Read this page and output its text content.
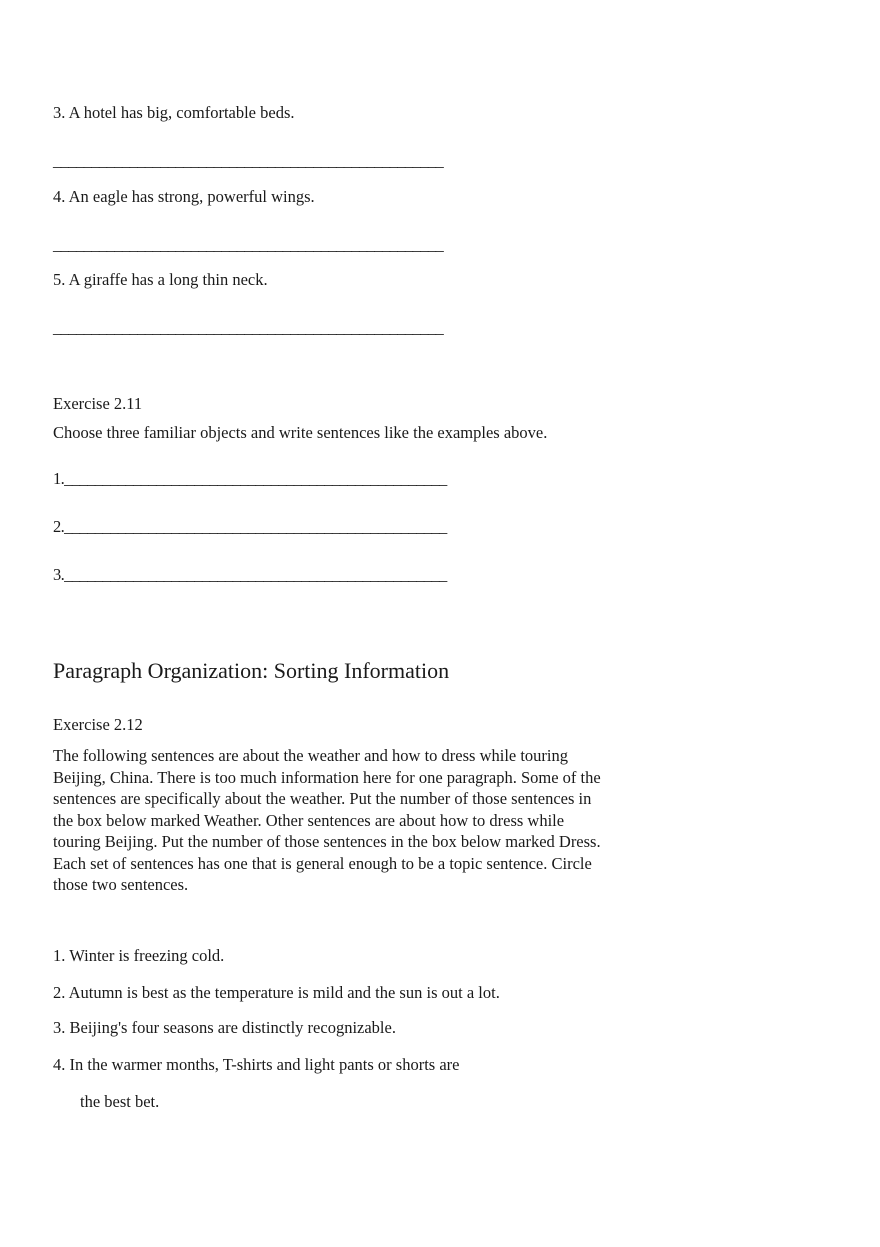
3. A hotel has big, comfortable beds.
___________________________________________________
4. An eagle has strong, powerful wings.
___________________________________________________
5. A giraffe has a long thin neck.
___________________________________________________
Exercise 2.11
Choose three familiar objects and write sentences like the examples above.
1.__________________________________________________
2.__________________________________________________
3.__________________________________________________
Paragraph Organization: Sorting Information
Exercise 2.12
The following sentences are about the weather and how to dress while touring
Beijing, China. There is too much information here for one paragraph. Some of the
sentences are specifically about the weather. Put the number of those sentences in
the box below marked Weather. Other sentences are about how to dress while
touring Beijing. Put the number of those sentences in the box below marked Dress.
Each set of sentences has one that is general enough to be a topic sentence. Circle
those two sentences.
1. Winter is freezing cold.
2. Autumn is best as the temperature is mild and the sun is out a lot.
3. Beijing's four seasons are distinctly recognizable.
4. In the warmer months, T-shirts and light pants or shorts are
the best bet.
